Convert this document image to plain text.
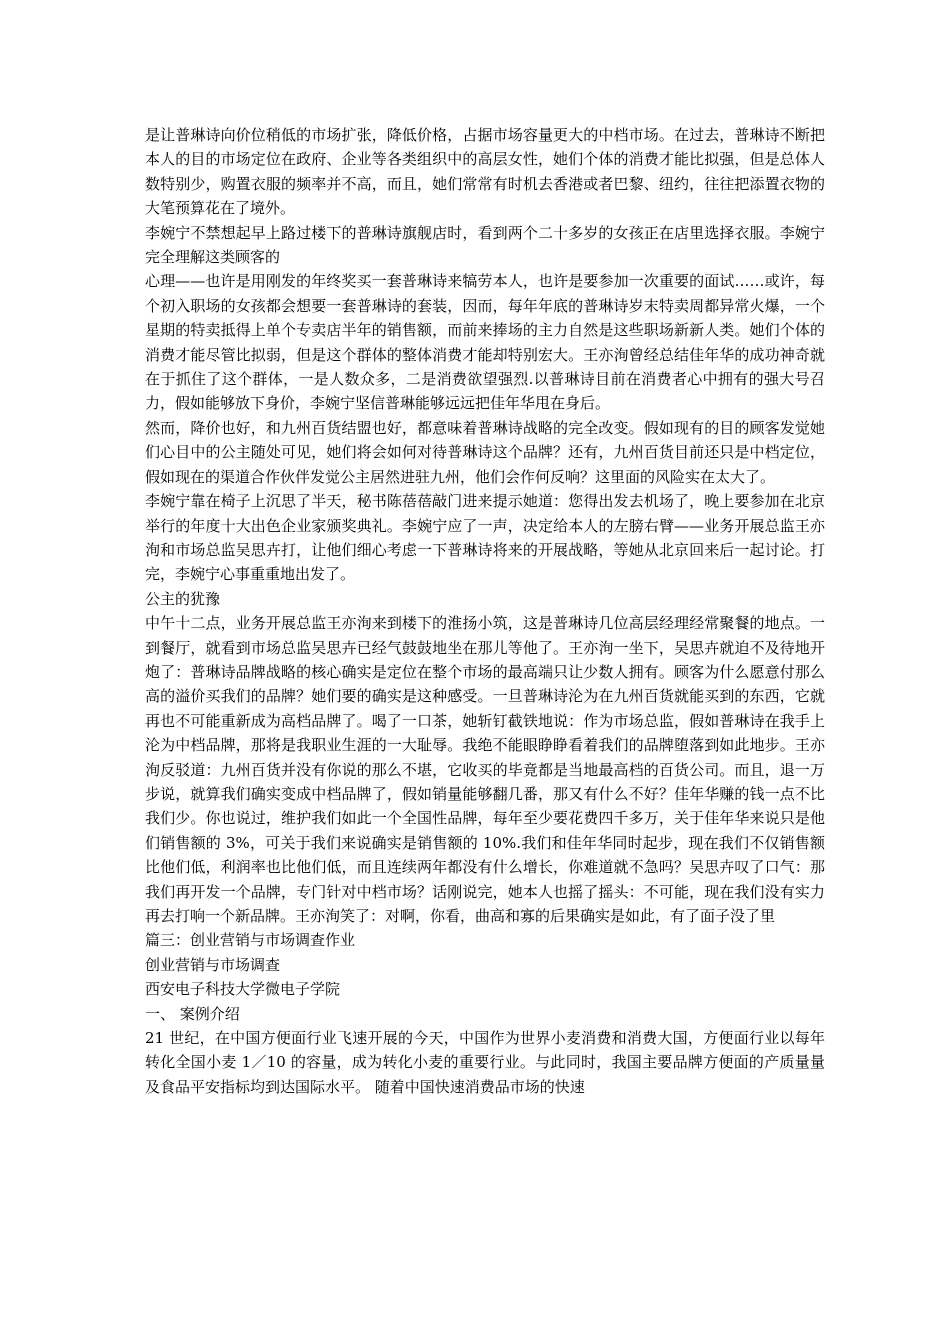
是让普琳诗向价位稍低的市场扩张，降低价格，占据市场容量更大的中档市场。在过去，普琳诗不断把本人的目的市场定位在政府、企业等各类组织中的高层女性，她们个体的消费才能比拟强，但是总体人数特别少，购置衣服的频率并不高，而且，她们常常有时机去香港或者巴黎、纽约，往往把添置衣物的大笔预算花在了境外。

李婉宁不禁想起早上路过楼下的普琳诗旗舰店时，看到两个二十多岁的女孩正在店里选择衣服。李婉宁完全理解这类顾客的

心理——也许是用刚发的年终奖买一套普琳诗来犒劳本人，也许是要参加一次重要的面试……或许，每个初入职场的女孩都会想要一套普琳诗的套装，因而，每年年底的普琳诗岁末特卖周都异常火爆，一个星期的特卖抵得上单个专卖店半年的销售额，而前来捧场的主力自然是这些职场新新人类。她们个体的消费才能尽管比拟弱，但是这个群体的整体消费才能却特别宏大。王亦洵曾经总结佳年华的成功神奇就在于抓住了这个群体，一是人数众多，二是消费欲望强烈.以普琳诗目前在消费者心中拥有的强大号召力，假如能够放下身价，李婉宁坚信普琳能够远远把佳年华甩在身后。

然而，降价也好，和九州百货结盟也好，都意味着普琳诗战略的完全改变。假如现有的目的顾客发觉她们心目中的公主随处可见，她们将会如何对待普琳诗这个品牌？还有，九州百货目前还只是中档定位，假如现在的渠道合作伙伴发觉公主居然进驻九州，他们会作何反响？这里面的风险实在太大了。

李婉宁靠在椅子上沉思了半天，秘书陈蓓蓓敲门进来提示她道：您得出发去机场了，晚上要参加在北京举行的年度十大出色企业家颁奖典礼。李婉宁应了一声，决定给本人的左膀右臂——业务开展总监王亦洵和市场总监吴思卉打，让他们细心考虑一下普琳诗将来的开展战略，等她从北京回来后一起讨论。打完，李婉宁心事重重地出发了。

公主的犹豫

中午十二点，业务开展总监王亦洵来到楼下的淮扬小筑，这是普琳诗几位高层经理经常聚餐的地点。一到餐厅，就看到市场总监吴思卉已经气鼓鼓地坐在那儿等他了。王亦洵一坐下，吴思卉就迫不及待地开炮了：普琳诗品牌战略的核心确实是定位在整个市场的最高端只让少数人拥有。顾客为什么愿意付那么高的溢价买我们的品牌？她们要的确实是这种感受。一旦普琳诗沦为在九州百货就能买到的东西，它就再也不可能重新成为高档品牌了。喝了一口茶，她斩钉截铁地说：作为市场总监，假如普琳诗在我手上沦为中档品牌，那将是我职业生涯的一大耻辱。我绝不能眼睁睁看着我们的品牌堕落到如此地步。王亦洵反驳道：九州百货并没有你说的那么不堪，它收买的毕竟都是当地最高档的百货公司。而且，退一万步说，就算我们确实变成中档品牌了，假如销量能够翻几番，那又有什么不好？佳年华赚的钱一点不比我们少。你也说过，维护我们如此一个全国性品牌，每年至少要花费四千多万，关于佳年华来说只是他们销售额的 3%，可关于我们来说确实是销售额的 10%.我们和佳年华同时起步，现在我们不仅销售额比他们低，利润率也比他们低，而且连续两年都没有什么增长，你难道就不急吗？吴思卉叹了口气：那我们再开发一个品牌，专门针对中档市场？话刚说完，她本人也摇了摇头：不可能，现在我们没有实力再去打响一个新品牌。王亦洵笑了：对啊，你看，曲高和寡的后果确实是如此，有了面子没了里

篇三：创业营销与市场调查作业

创业营销与市场调查

西安电子科技大学微电子学院

一、 案例介绍

21 世纪，在中国方便面行业飞速开展的今天，中国作为世界小麦消费和消费大国，方便面行业以每年转化全国小麦 1／10 的容量，成为转化小麦的重要行业。与此同时，我国主要品牌方便面的产质量量及食品平安指标均到达国际水平。 随着中国快速消费品市场的快速
